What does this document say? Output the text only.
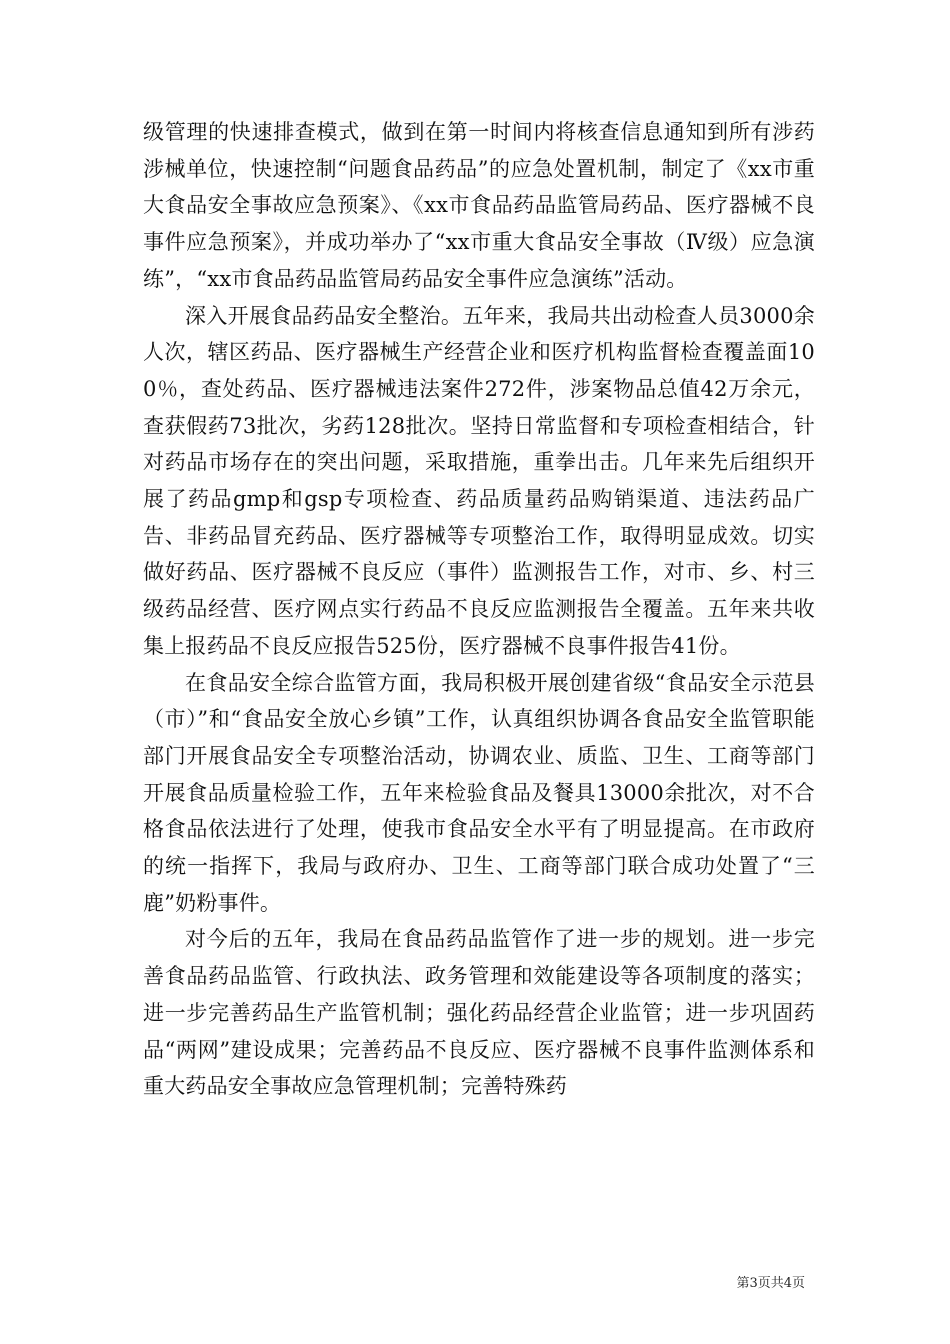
级管理的快速排查模式，做到在第一时间内将核查信息通知到所有涉药涉械单位，快速控制“问题食品药品”的应急处置机制，制定了《xx市重大食品安全事故应急预案》、《xx市食品药品监管局药品、医疗器械不良事件应急预案》，并成功举办了“xx市重大食品安全事故（Ⅳ级）应急演练”，“xx市食品药品监管局药品安全事件应急演练”活动。

深入开展食品药品安全整治。五年来，我局共出动检查人员3000余人次，辖区药品、医疗器械生产经营企业和医疗机构监督检查覆盖面100％，查处药品、医疗器械违法案件272件，涉案物品总值42万余元，查获假药73批次，劣药128批次。坚持日常监督和专项检查相结合，针对药品市场存在的突出问题，采取措施，重拳出击。几年来先后组织开展了药品gmp和gsp专项检查、药品质量药品购销渠道、违法药品广告、非药品冒充药品、医疗器械等专项整治工作，取得明显成效。切实做好药品、医疗器械不良反应（事件）监测报告工作，对市、乡、村三级药品经营、医疗网点实行药品不良反应监测报告全覆盖。五年来共收集上报药品不良反应报告525份，医疗器械不良事件报告41份。

在食品安全综合监管方面，我局积极开展创建省级“食品安全示范县（市）”和“食品安全放心乡镇”工作，认真组织协调各食品安全监管职能部门开展食品安全专项整治活动，协调农业、质监、卫生、工商等部门开展食品质量检验工作，五年来检验食品及餐具13000余批次，对不合格食品依法进行了处理，使我市食品安全水平有了明显提高。在市政府的统一指挥下，我局与政府办、卫生、工商等部门联合成功处置了“三鹿”奶粉事件。

对今后的五年，我局在食品药品监管作了进一步的规划。进一步完善食品药品监管、行政执法、政务管理和效能建设等各项制度的落实；进一步完善药品生产监管机制；强化药品经营企业监管；进一步巩固药品“两网”建设成果；完善药品不良反应、医疗器械不良事件监测体系和重大药品安全事故应急管理机制；完善特殊药

第3页共4页
